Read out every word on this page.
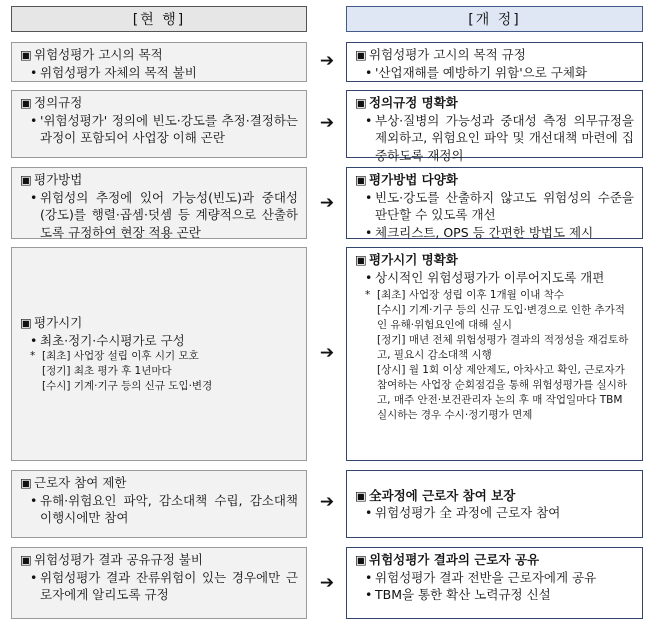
[현 행]	[개 정]
▣ 위험성평가 고시의 목적
• 위험성평가 자체의 목적 불비
➔	▣ 위험성평가 고시의 목적 규정
• '산업재해를 예방하기 위함'으로 구체화
▣ 정의규정
• '위험성평가' 정의에 빈도·강도를 추정·결정하는 과정이 포함되어 사업장 이해 곤란
➔
▣ 정의규정 명확화
• 부상·질병의 가능성과 중대성 측정 의무규정을 제외하고, 위험요인 파악 및 개선대책 마련에 집중하도록 재정의
▣ 평가방법
• 위험성의 추정에 있어 가능성(빈도)과 중대성(강도)를 행렬·곱셈·덧셈 등 계량적으로 산출하도록 규정하여 현장 적용 곤란
➔
▣ 평가방법 다양화
• 빈도·강도를 산출하지 않고도 위험성의 수준을 판단할 수 있도록 개선
• 체크리스트, OPS 등 간편한 방법도 제시
▣ 평가시기
• 최초·정기·수시평가로 구성
* [최초] 사업장 설립 이후 시기 모호
[정기] 최초 평가 후 1년마다
[수시] 기계·기구 등의 신규 도입·변경
➔
▣ 평가시기 명확화
• 상시적인 위험성평가가 이루어지도록 개편
* [최초] 사업장 성립 이후 1개월 이내 착수
[수시] 기계·기구 등의 신규 도입·변경으로 인한 추가적인 유해·위험요인에 대해 실시
[정기] 매년 전체 위험성평가 결과의 적정성을 재검토하고, 필요시 감소대책 시행
[상시] 월 1회 이상 제안제도, 아차사고 확인, 근로자가 참여하는 사업장 순회점검을 통해 위험성평가를 실시하고, 매주 안전·보건관리자 논의 후 매 작업일마다 TBM 실시하는 경우 수시·정기평가 면제
▣ 근로자 참여 제한
• 유해·위험요인 파악, 감소대책 수립, 감소대책 이행시에만 참여
➔	▣ 全과정에 근로자 참여 보장
• 위험성평가 全 과정에 근로자 참여
▣ 위험성평가 결과 공유규정 불비
• 위험성평가 결과 잔류위험이 있는 경우에만 근로자에게 알리도록 규정
➔
▣ 위험성평가 결과의 근로자 공유
• 위험성평가 결과 전반을 근로자에게 공유
• TBM을 통한 확산 노력규정 신설
